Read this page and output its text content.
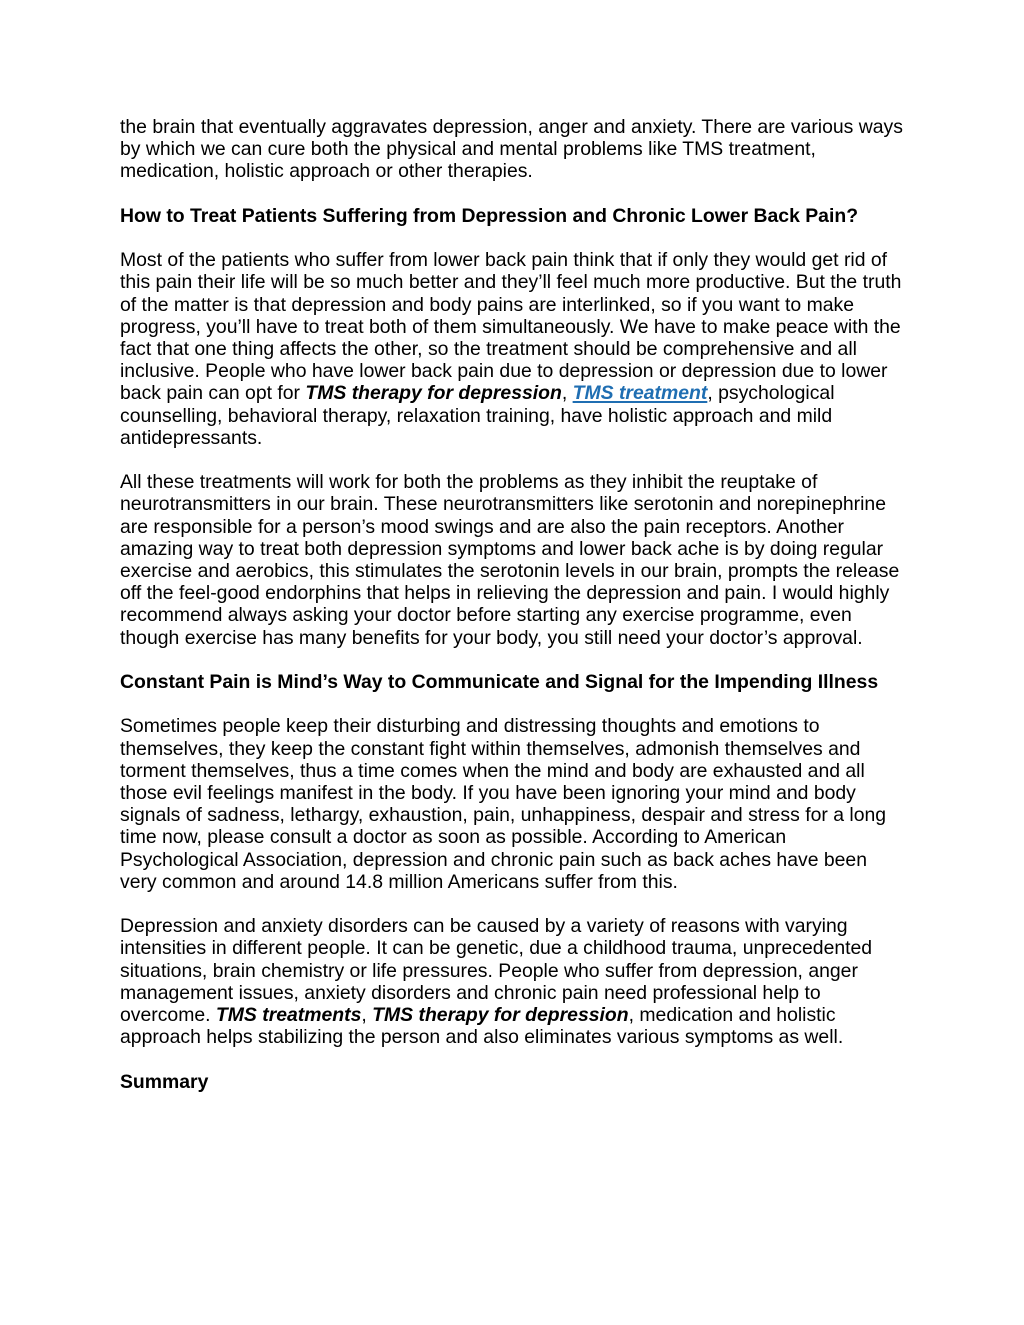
the brain that eventually aggravates depression, anger and anxiety. There are various ways by which we can cure both the physical and mental problems like TMS treatment, medication, holistic approach or other therapies.

How to Treat Patients Suffering from Depression and Chronic Lower Back Pain?

Most of the patients who suffer from lower back pain think that if only they would get rid of this pain their life will be so much better and they’ll feel much more productive. But the truth of the matter is that depression and body pains are interlinked, so if you want to make progress, you’ll have to treat both of them simultaneously. We have to make peace with the fact that one thing affects the other, so the treatment should be comprehensive and all inclusive. People who have lower back pain due to depression or depression due to lower back pain can opt for TMS therapy for depression, TMS treatment, psychological counselling, behavioral therapy, relaxation training, have holistic approach and mild antidepressants.

All these treatments will work for both the problems as they inhibit the reuptake of neurotransmitters in our brain. These neurotransmitters like serotonin and norepinephrine are responsible for a person’s mood swings and are also the pain receptors. Another amazing way to treat both depression symptoms and lower back ache is by doing regular exercise and aerobics, this stimulates the serotonin levels in our brain, prompts the release off the feel-good endorphins that helps in relieving the depression and pain. I would highly recommend always asking your doctor before starting any exercise programme, even though exercise has many benefits for your body, you still need your doctor’s approval.

Constant Pain is Mind’s Way to Communicate and Signal for the Impending Illness

Sometimes people keep their disturbing and distressing thoughts and emotions to themselves, they keep the constant fight within themselves, admonish themselves and torment themselves, thus a time comes when the mind and body are exhausted and all those evil feelings manifest in the body. If you have been ignoring your mind and body signals of sadness, lethargy, exhaustion, pain, unhappiness, despair and stress for a long time now, please consult a doctor as soon as possible. According to American Psychological Association, depression and chronic pain such as back aches have been very common and around 14.8 million Americans suffer from this.

Depression and anxiety disorders can be caused by a variety of reasons with varying intensities in different people. It can be genetic, due a childhood trauma, unprecedented situations, brain chemistry or life pressures. People who suffer from depression, anger management issues, anxiety disorders and chronic pain need professional help to overcome. TMS treatments, TMS therapy for depression, medication and holistic approach helps stabilizing the person and also eliminates various symptoms as well.

Summary
